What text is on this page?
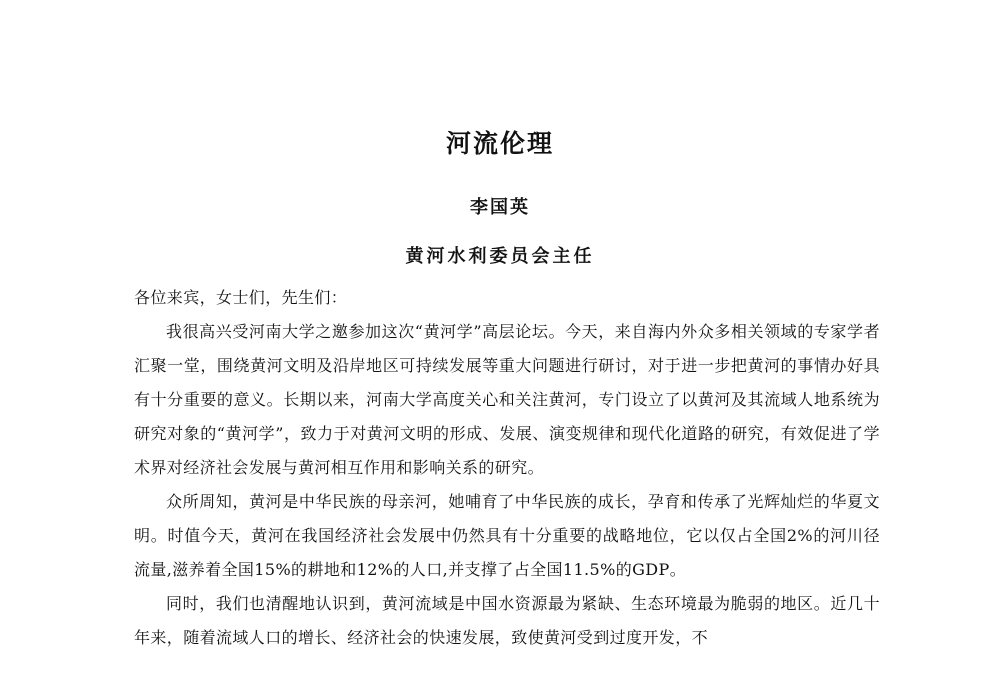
河流伦理
李国英
黄河水利委员会主任

各位来宾，女士们，先生们：

我很高兴受河南大学之邀参加这次“黄河学”高层论坛。今天，来自海内外众多相关领域的专家学者汇聚一堂，围绕黄河文明及沿岸地区可持续发展等重大问题进行研讨，对于进一步把黄河的事情办好具有十分重要的意义。长期以来，河南大学高度关心和关注黄河，专门设立了以黄河及其流域人地系统为研究对象的“黄河学”，致力于对黄河文明的形成、发展、演变规律和现代化道路的研究，有效促进了学术界对经济社会发展与黄河相互作用和影响关系的研究。

众所周知，黄河是中华民族的母亲河，她哺育了中华民族的成长，孕育和传承了光辉灿烂的华夏文明。时值今天，黄河在我国经济社会发展中仍然具有十分重要的战略地位，它以仅占全国2%的河川径流量,滋养着全国15%的耕地和12%的人口,并支撑了占全国11.5%的GDP。

同时，我们也清醒地认识到，黄河流域是中国水资源最为紧缺、生态环境最为脆弱的地区。近几十年来，随着流域人口的增长、经济社会的快速发展，致使黄河受到过度开发，不
